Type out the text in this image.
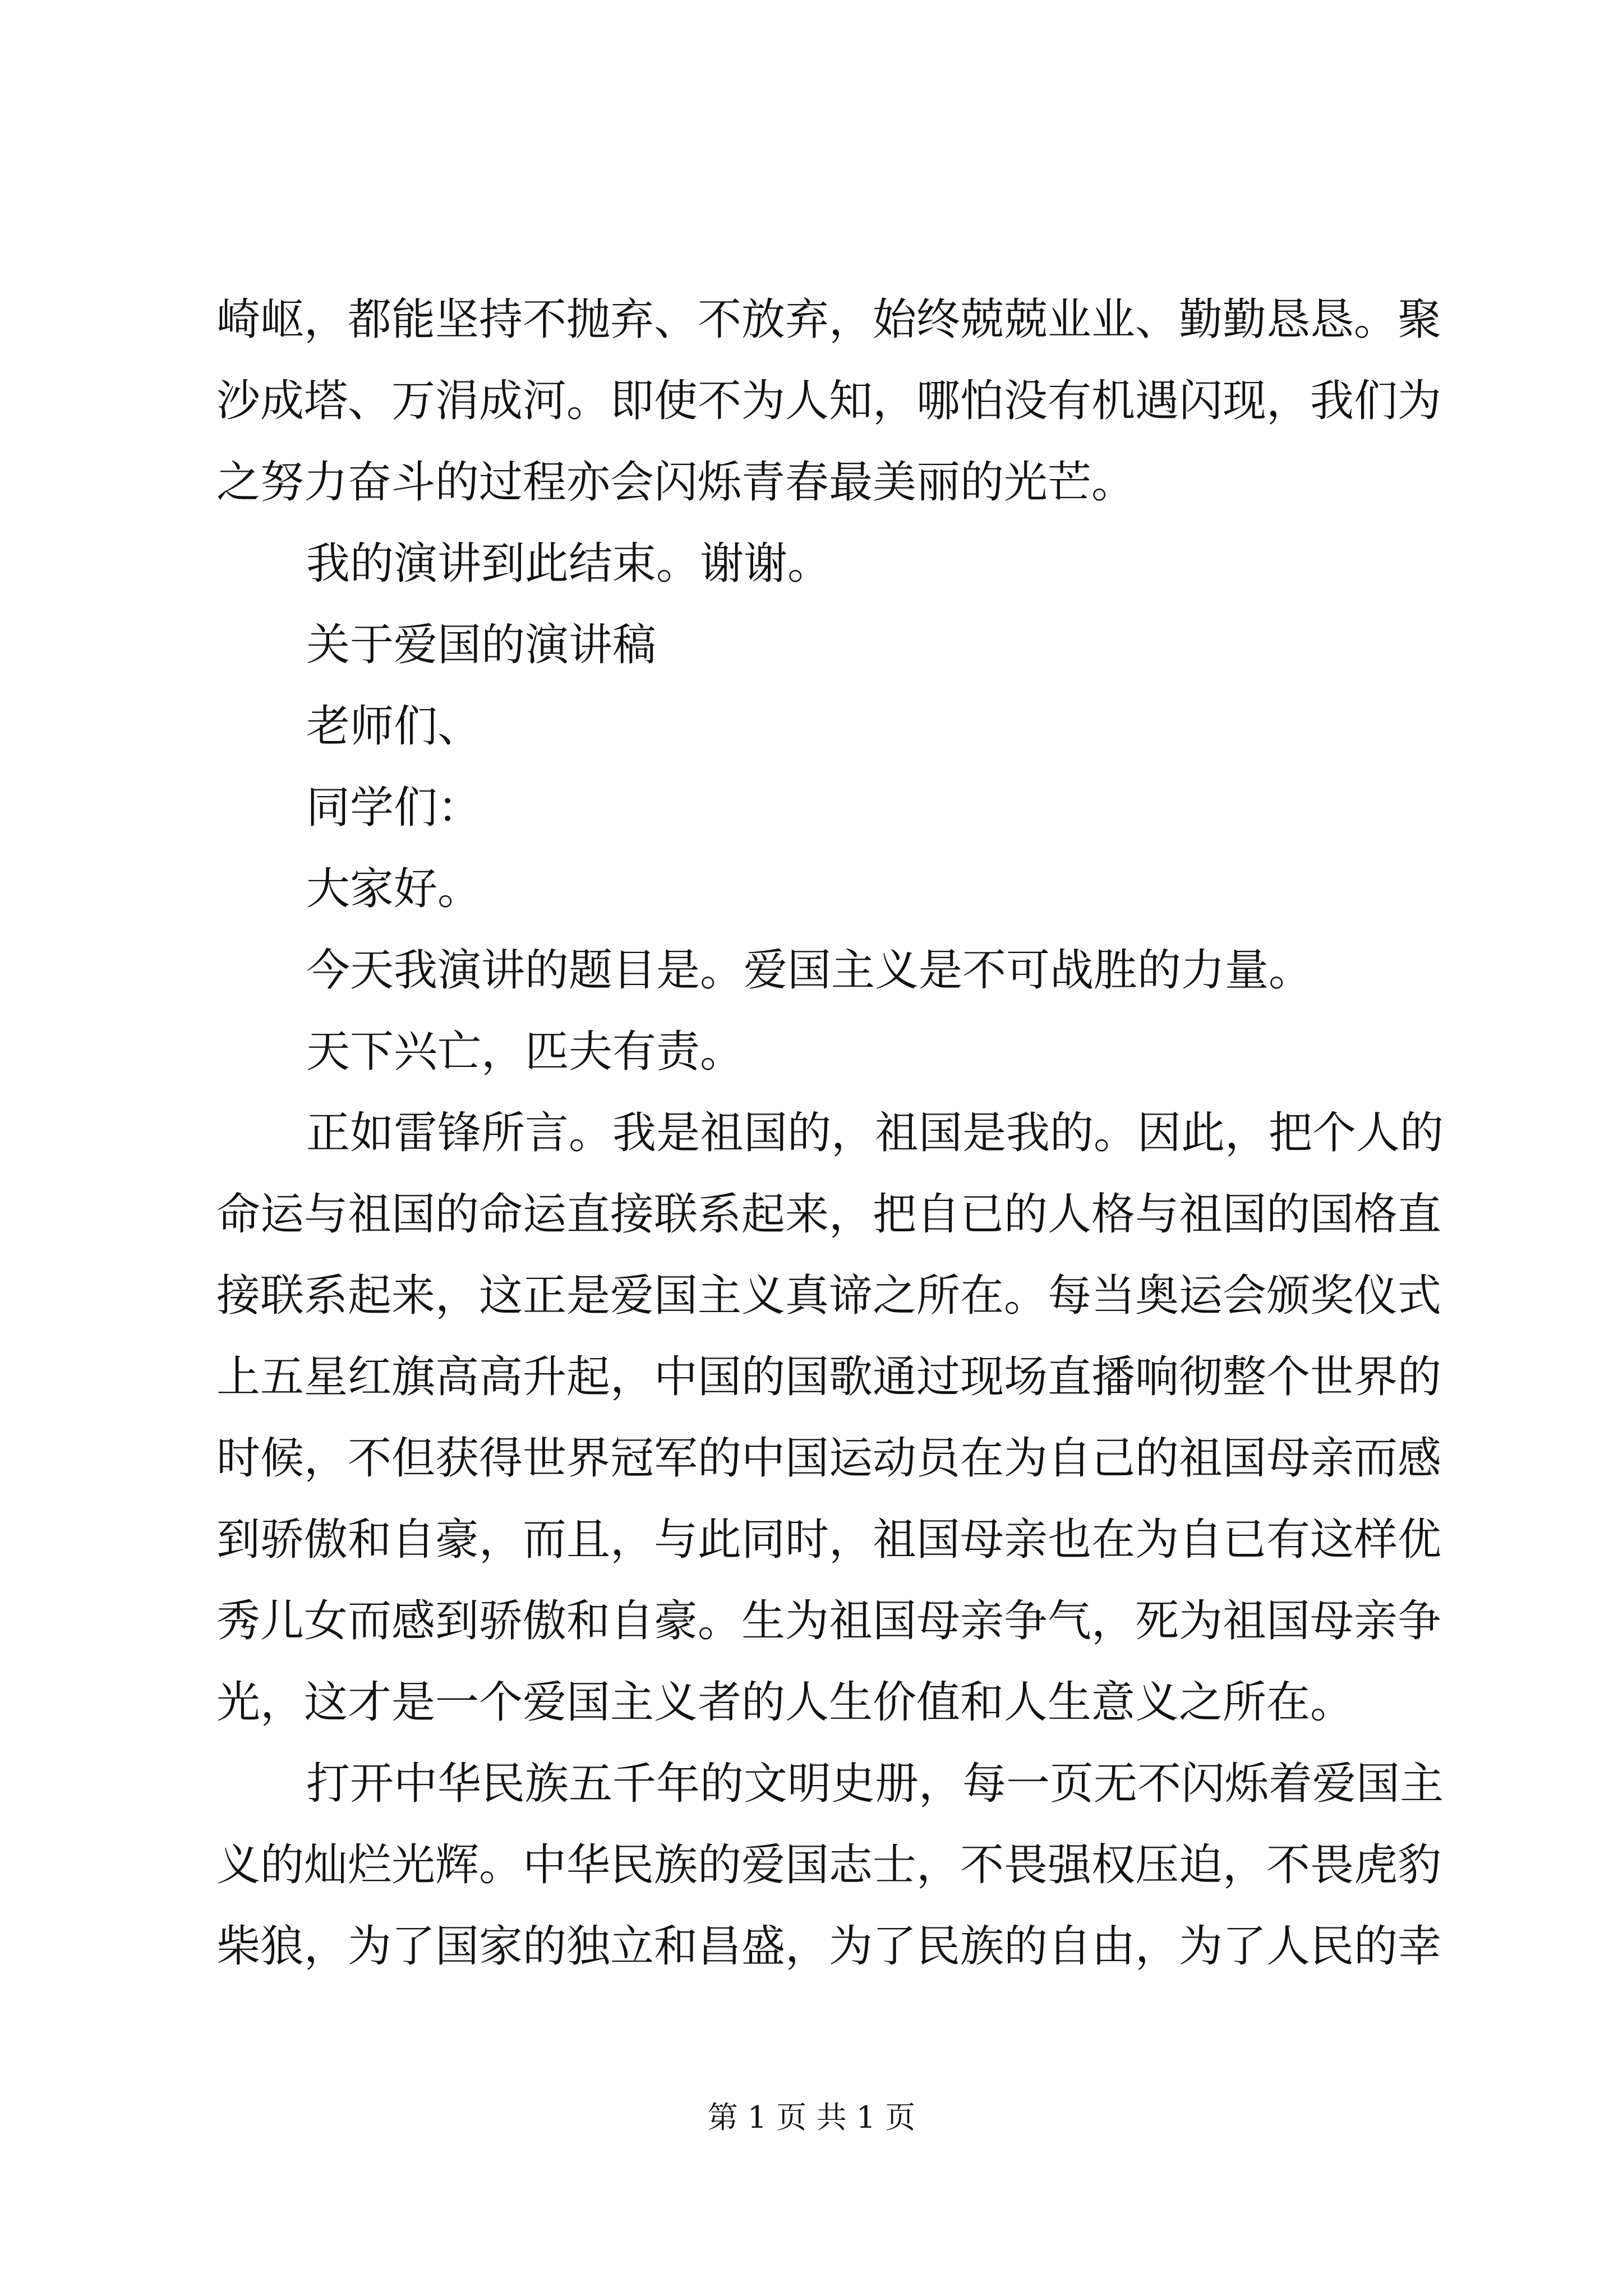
崎岖，都能坚持不抛弃、不放弃，始终兢兢业业、勤勤恳恳。聚
沙成塔、万涓成河。即使不为人知，哪怕没有机遇闪现，我们为
之努力奋斗的过程亦会闪烁青春最美丽的光芒。
我的演讲到此结束。谢谢。
关于爱国的演讲稿
老师们、
同学们：
大家好。
今天我演讲的题目是。爱国主义是不可战胜的力量。
天下兴亡，匹夫有责。
正如雷锋所言。我是祖国的，祖国是我的。因此，把个人的
命运与祖国的命运直接联系起来，把自已的人格与祖国的国格直
接联系起来，这正是爱国主义真谛之所在。每当奥运会颁奖仪式
上五星红旗高高升起，中国的国歌通过现场直播响彻整个世界的
时候，不但获得世界冠军的中国运动员在为自己的祖国母亲而感
到骄傲和自豪，而且，与此同时，祖国母亲也在为自已有这样优
秀儿女而感到骄傲和自豪。生为祖国母亲争气，死为祖国母亲争
光，这才是一个爱国主义者的人生价值和人生意义之所在。
打开中华民族五千年的文明史册，每一页无不闪烁着爱国主
义的灿烂光辉。中华民族的爱国志士，不畏强权压迫，不畏虎豹
柴狼，为了国家的独立和昌盛，为了民族的自由，为了人民的幸
第 1 页 共 1 页
